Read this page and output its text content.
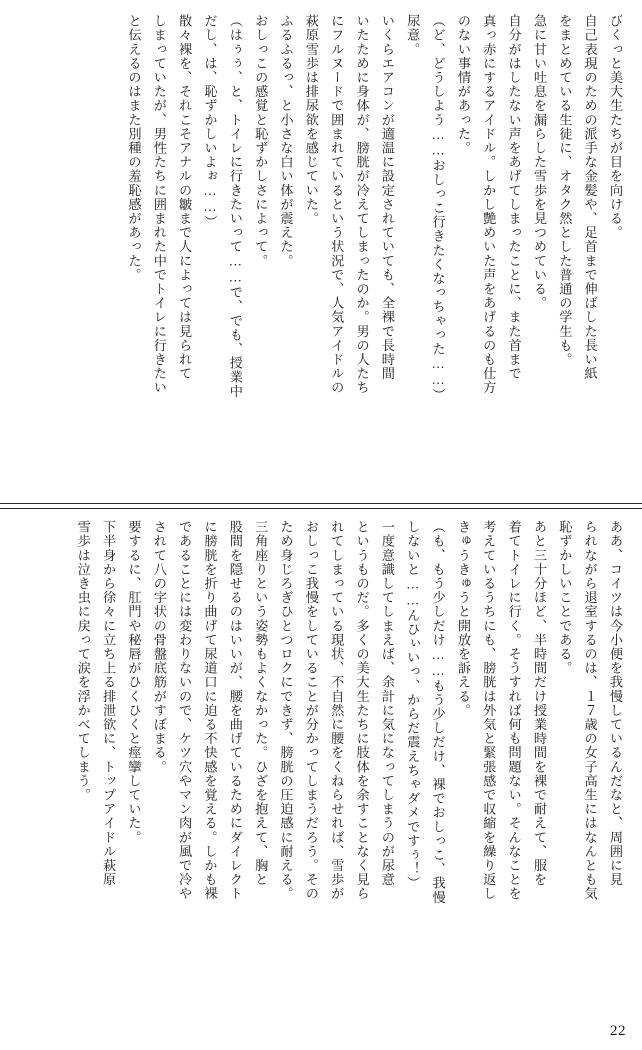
びくっと美大生たちが目を向ける。
自己表現のための派手な金髪や、足首まで伸ばした長い紙
をまとめている生徒に、オタク然とした普通の学生も。
急に甘い吐息を漏らした雪歩を見つめている。
自分がはしたない声をあげてしまったことに、また首まで
真っ赤にするアイドル。しかし艶めいた声をあげるのも仕方
のない事情があった。
（ど、どうしよう……おしっこ行きたくなっちゃった……）
尿意。
いくらエアコンが適温に設定されていても、全裸で長時間
いたために身体が、膀胱が冷えてしまったのか。男の人たち
にフルヌードで囲まれているという状況で、人気アイドルの
萩原雪歩は排尿欲を感じていた。
ふるふるっ、と小さな白い体が震えた。
おしっこの感覚と恥ずかしさによって。
（はぅぅ、と、トイレに行きたいって……で、でも、授業中
だし、は、恥ずかしいよぉ……）
散々裸を、それこそアナルの皺まで人によっては見られて
しまっていたが、男性たちに囲まれた中でトイレに行きたい
と伝えるのはまた別種の羞恥感があった。
ああ、コイツは今小便を我慢しているんだなと、周囲に見
られながら退室するのは、１７歳の女子高生にはなんとも気
恥ずかしいことである。
あと三十分ほど、半時間だけ授業時間を裸で耐えて、服を
着てトイレに行く。そうすれば何も問題ない。そんなことを
考えているうちにも、膀胱は外気と緊張感で収縮を繰り返し
きゅうきゅうと開放を訴える。
（も、もう少しだけ……もう少しだけ、裸でおしっこ、我慢
しないと……んひぃいっ、からだ震えちゃダメですぅ！）
一度意識してしまえば、余計に気になってしまうのが尿意
というものだ。多くの美大生たちに肢体を余すことなく見ら
れてしまっている現状、不自然に腰をくねらせれば、雪歩が
おしっこ我慢をしていることが分かってしまうだろう。その
ため身じろぎひとつロクにできず、膀胱の圧迫感に耐える。
三角座りという姿勢もよくなかった。ひざを抱えて、胸と
股間を隠せるのはいいが、腰を曲げているためにダイレクト
に膀胱を折り曲げて尿道口に迫る不快感を覚える。しかも裸
であることには変わりないので、ケツ穴やマン肉が風で冷や
されて八の字状の骨盤底筋がすぼまる。
要するに、肛門や秘唇がひくひくと痙攣していた。
下半身から徐々に立ち上る排泄欲に、トップアイドル萩原
雪歩は泣き虫に戻って涙を浮かべてしまう。
22
